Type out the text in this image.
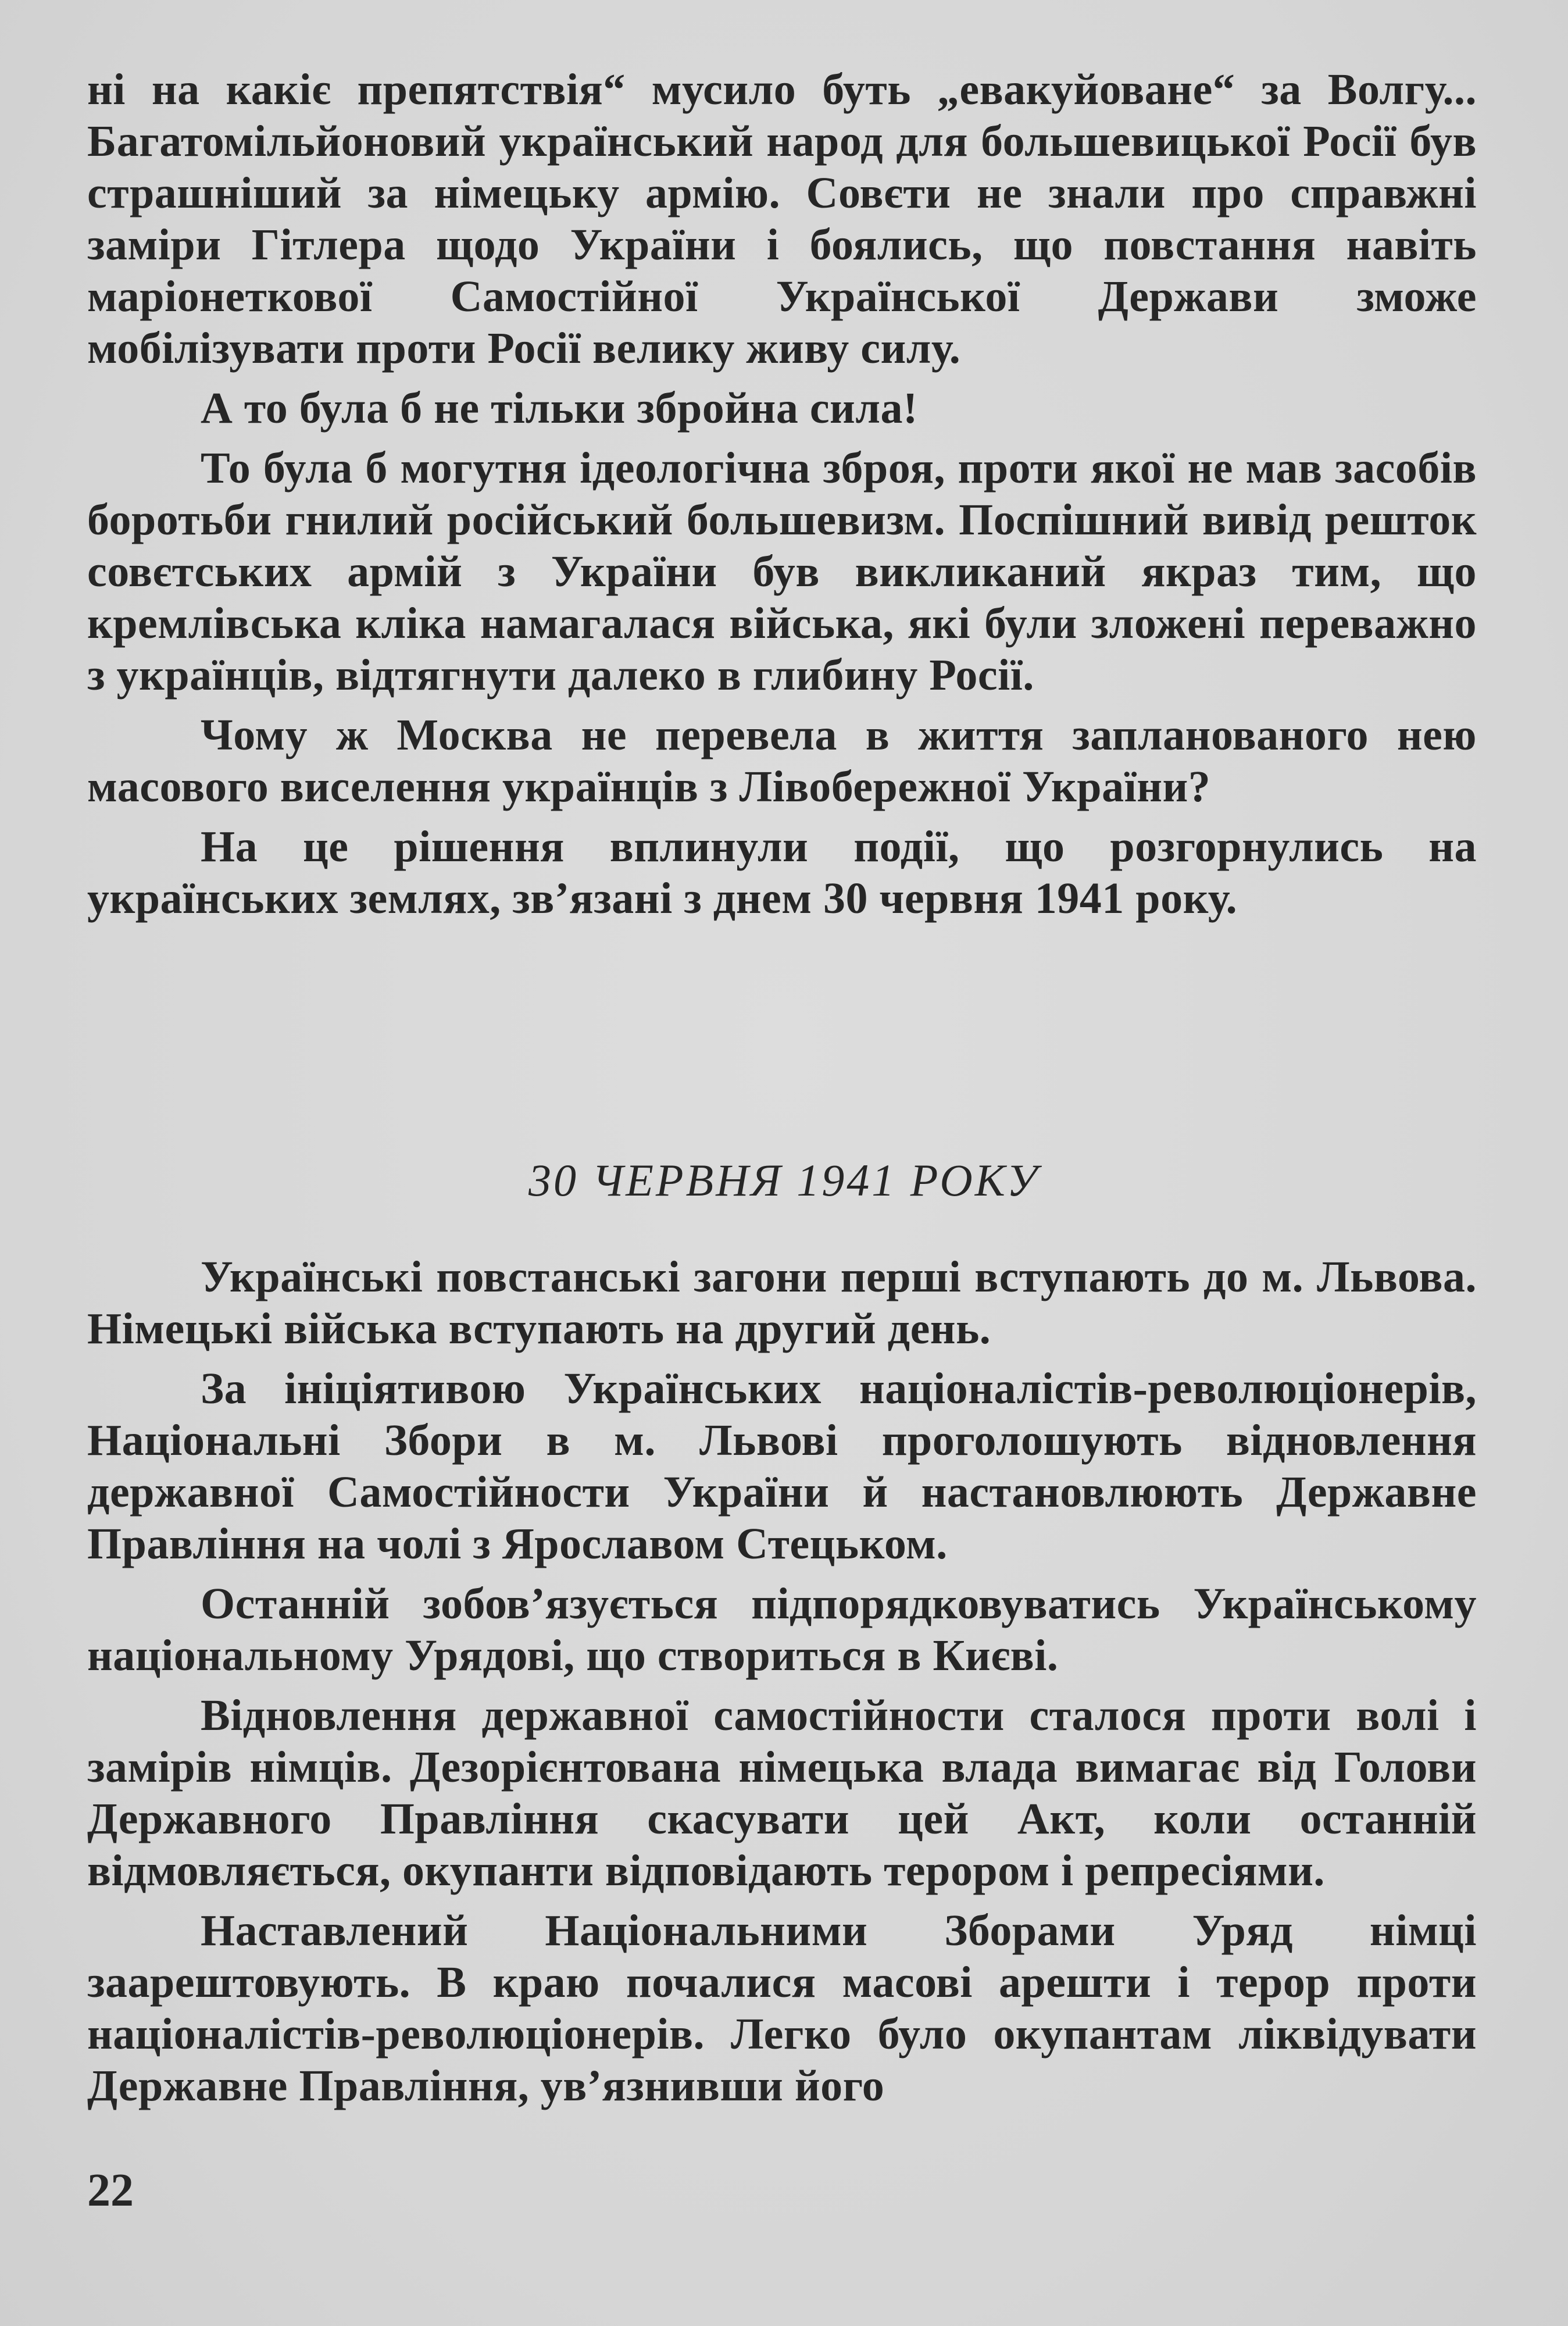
ні на какіє препятствія“ мусило буть „евакуйоване“ за Волгу... Багатомільйоновий український народ для большевицької Росії був страшніший за німецьку армію. Совєти не знали про справжні заміри Гітлера щодо України і боялись, що повстання навіть маріонеткової Самостійної Української Держави зможе мобілізувати проти Росії велику живу силу.

А то була б не тільки збройна сила!

То була б могутня ідеологічна зброя, проти якої не мав засобів боротьби гнилий російський большевизм. Поспішний вивід решток совєтських армій з України був викликаний якраз тим, що кремлівська кліка намагалася війська, які були зложені переважно з українців, відтягнути далеко в глибину Росії.

Чому ж Москва не перевела в життя запланованого нею масового виселення українців з Лівобережної України?

На це рішення вплинули події, що розгорнулись на українських землях, зв’язані з днем 30 червня 1941 року.

30 ЧЕРВНЯ 1941 РОКУ

Українські повстанські загони перші вступають до м. Львова. Німецькі війська вступають на другий день.

За ініціятивою Українських націоналістів-революціонерів, Національні Збори в м. Львові проголошують відновлення державної Самостійности України й настановлюють Державне Правління на чолі з Ярославом Стецьком.

Останній зобов’язується підпорядковуватись Українському національному Урядові, що створиться в Києві.

Відновлення державної самостійности сталося проти волі і замірів німців. Дезорієнтована німецька влада вимагає від Голови Державного Правління скасувати цей Акт, коли останній відмовляється, окупанти відповідають терором і репресіями.

Наставлений Національними Зборами Уряд німці заарештовують. В краю почалися масові арешти і терор проти націоналістів-революціонерів. Легко було окупантам ліквідувати Державне Правління, ув’язнивши його

22
